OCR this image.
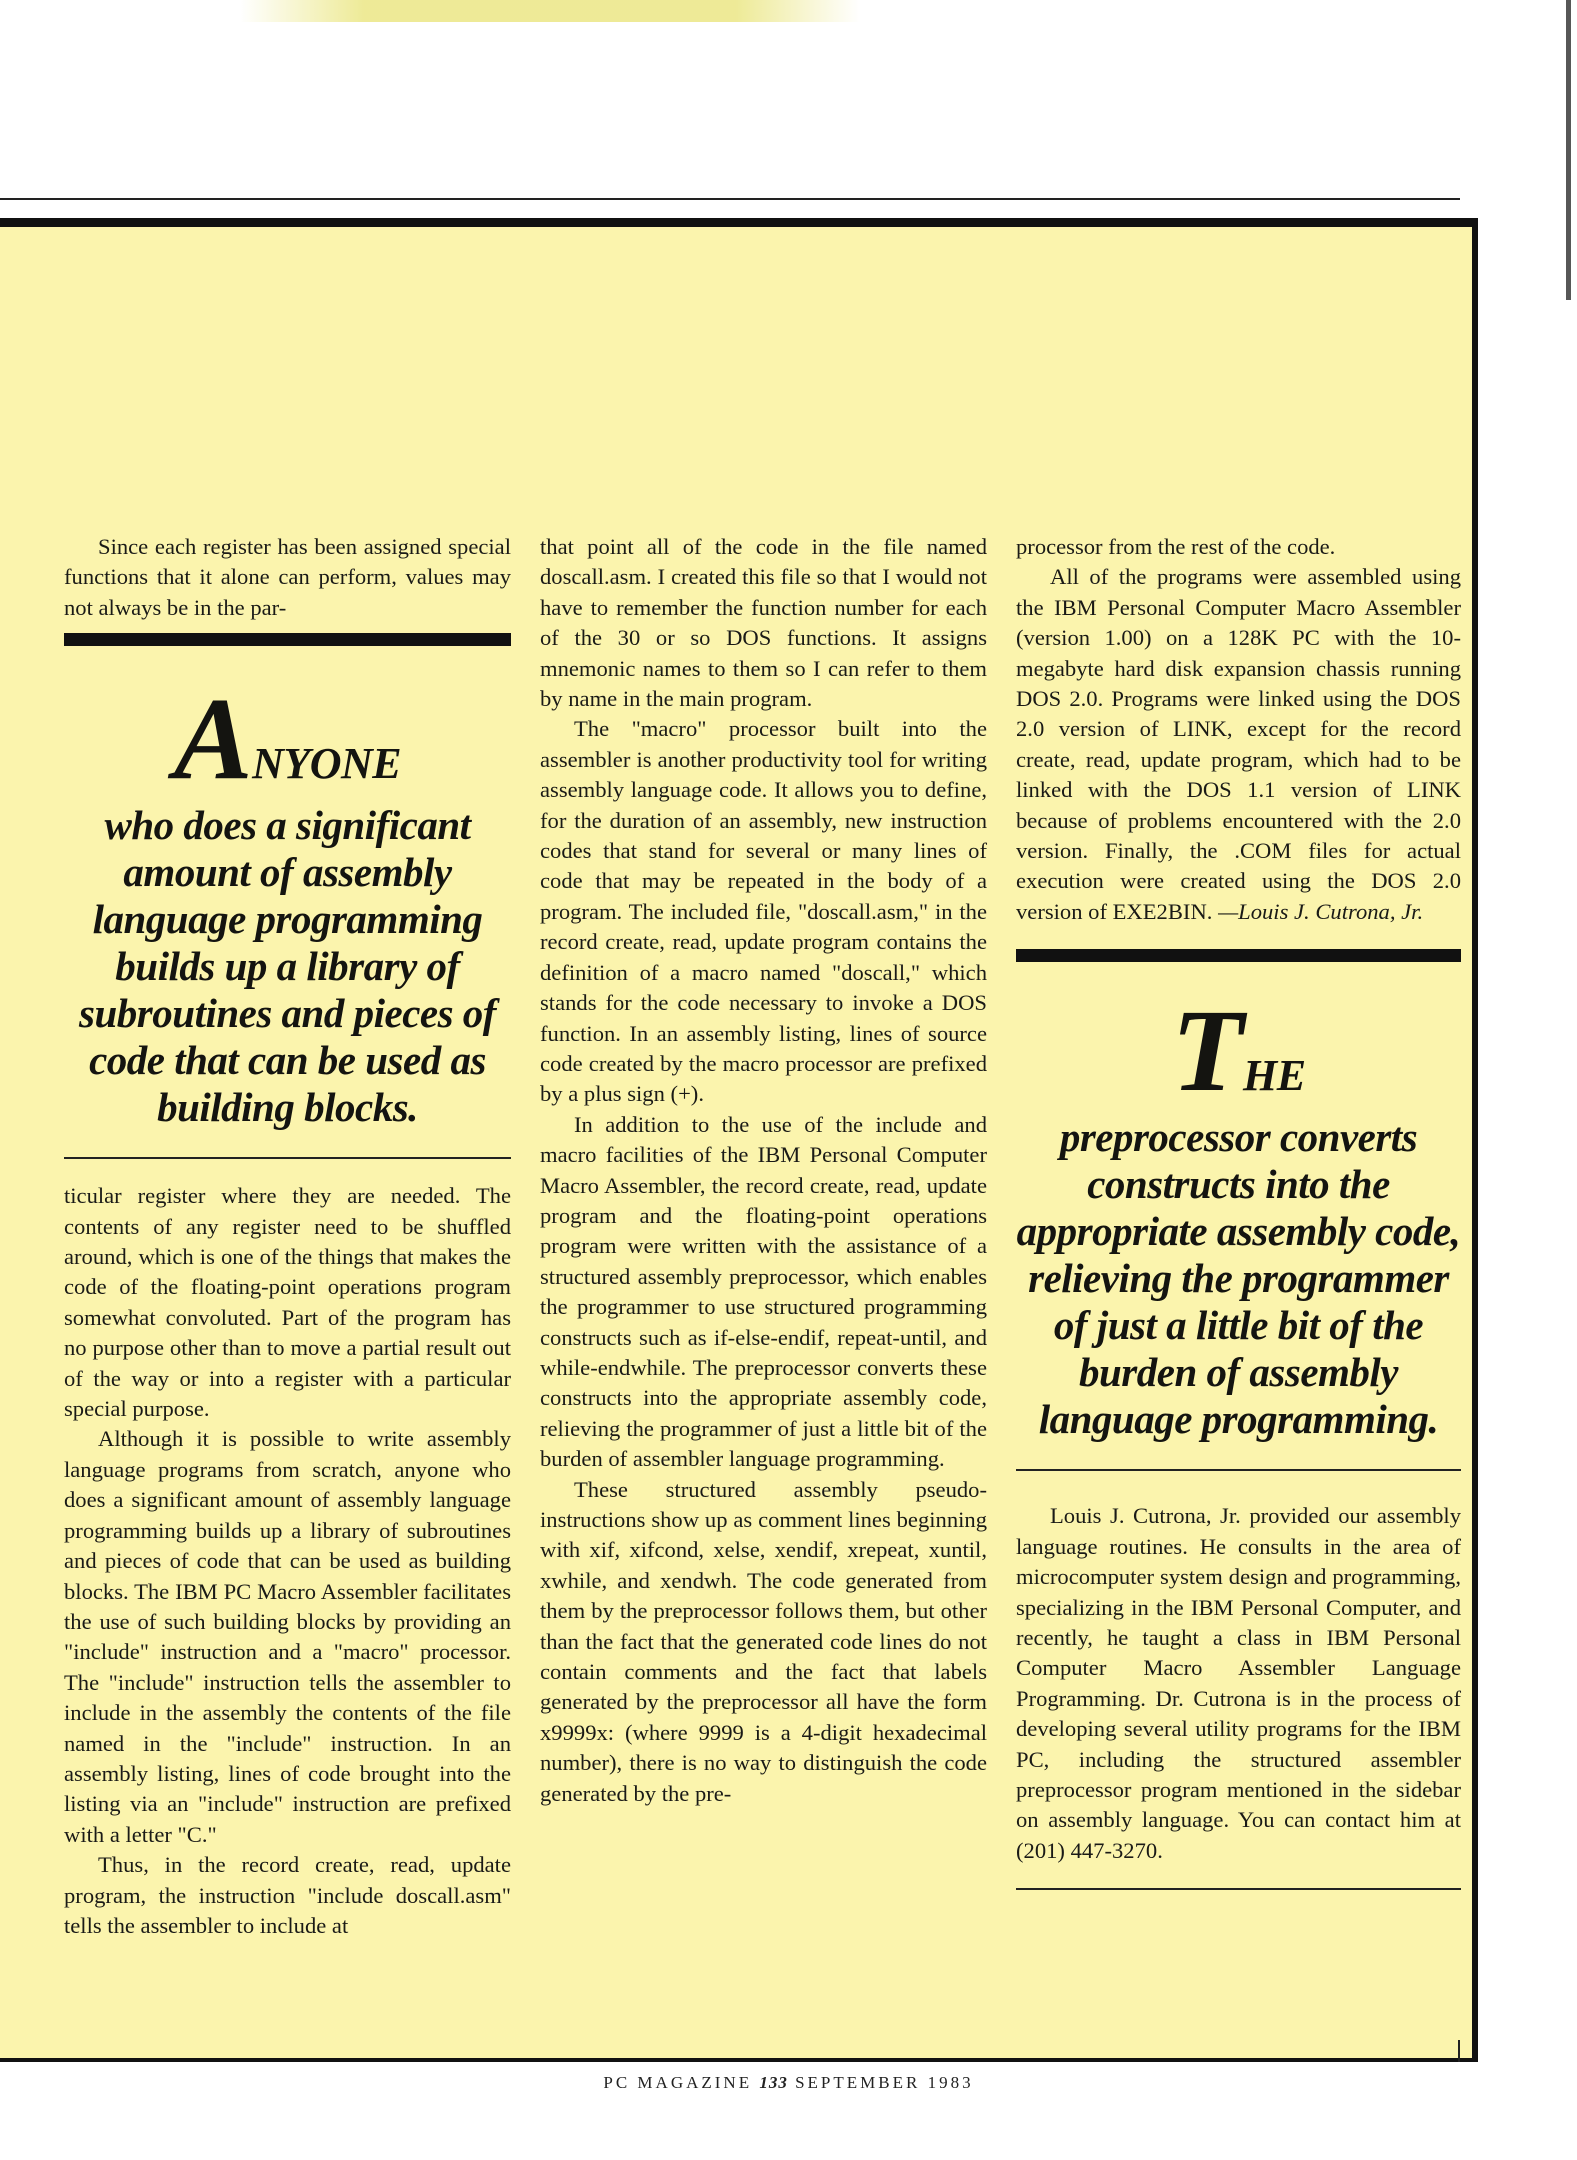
Since each register has been assigned special functions that it alone can perform, values may not always be in the par-

ANYONE
who does a significant amount of assembly language programming builds up a library of subroutines and pieces of code that can be used as building blocks.

ticular register where they are needed. The contents of any register need to be shuffled around, which is one of the things that makes the code of the floating-point operations program somewhat convoluted. Part of the program has no purpose other than to move a partial result out of the way or into a register with a particular special purpose.

Although it is possible to write assembly language programs from scratch, anyone who does a significant amount of assembly language programming builds up a library of subroutines and pieces of code that can be used as building blocks. The IBM PC Macro Assembler facilitates the use of such building blocks by providing an "include" instruction and a "macro" processor. The "include" instruction tells the assembler to include in the assembly the contents of the file named in the "include" instruction. In an assembly listing, lines of code brought into the listing via an "include" instruction are prefixed with a letter "C."

Thus, in the record create, read, update program, the instruction "include doscall.asm" tells the assembler to include at

that point all of the code in the file named doscall.asm. I created this file so that I would not have to remember the function number for each of the 30 or so DOS functions. It assigns mnemonic names to them so I can refer to them by name in the main program.

The "macro" processor built into the assembler is another productivity tool for writing assembly language code. It allows you to define, for the duration of an assembly, new instruction codes that stand for several or many lines of code that may be repeated in the body of a program. The included file, "doscall.asm," in the record create, read, update program contains the definition of a macro named "doscall," which stands for the code necessary to invoke a DOS function. In an assembly listing, lines of source code created by the macro processor are prefixed by a plus sign (+).

In addition to the use of the include and macro facilities of the IBM Personal Computer Macro Assembler, the record create, read, update program and the floating-point operations program were written with the assistance of a structured assembly preprocessor, which enables the programmer to use structured programming constructs such as if-else-endif, repeat-until, and while-endwhile. The preprocessor converts these constructs into the appropriate assembly code, relieving the programmer of just a little bit of the burden of assembler language programming.

These structured assembly pseudo-instructions show up as comment lines beginning with xif, xifcond, xelse, xendif, xrepeat, xuntil, xwhile, and xendwh. The code generated from them by the preprocessor follows them, but other than the fact that the generated code lines do not contain comments and the fact that labels generated by the preprocessor all have the form x9999x: (where 9999 is a 4-digit hexadecimal number), there is no way to distinguish the code generated by the pre-

processor from the rest of the code.

All of the programs were assembled using the IBM Personal Computer Macro Assembler (version 1.00) on a 128K PC with the 10-megabyte hard disk expansion chassis running DOS 2.0. Programs were linked using the DOS 2.0 version of LINK, except for the record create, read, update program, which had to be linked with the DOS 1.1 version of LINK because of problems encountered with the 2.0 version. Finally, the .COM files for actual execution were created using the DOS 2.0 version of EXE2BIN. —Louis J. Cutrona, Jr.

THE
preprocessor converts constructs into the appropriate assembly code, relieving the programmer of just a little bit of the burden of assembly language programming.

Louis J. Cutrona, Jr. provided our assembly language routines. He consults in the area of microcomputer system design and programming, specializing in the IBM Personal Computer, and recently, he taught a class in IBM Personal Computer Macro Assembler Language Programming. Dr. Cutrona is in the process of developing several utility programs for the IBM PC, including the structured assembler preprocessor program mentioned in the sidebar on assembly language. You can contact him at (201) 447-3270.

PC MAGAZINE 133 SEPTEMBER 1983
